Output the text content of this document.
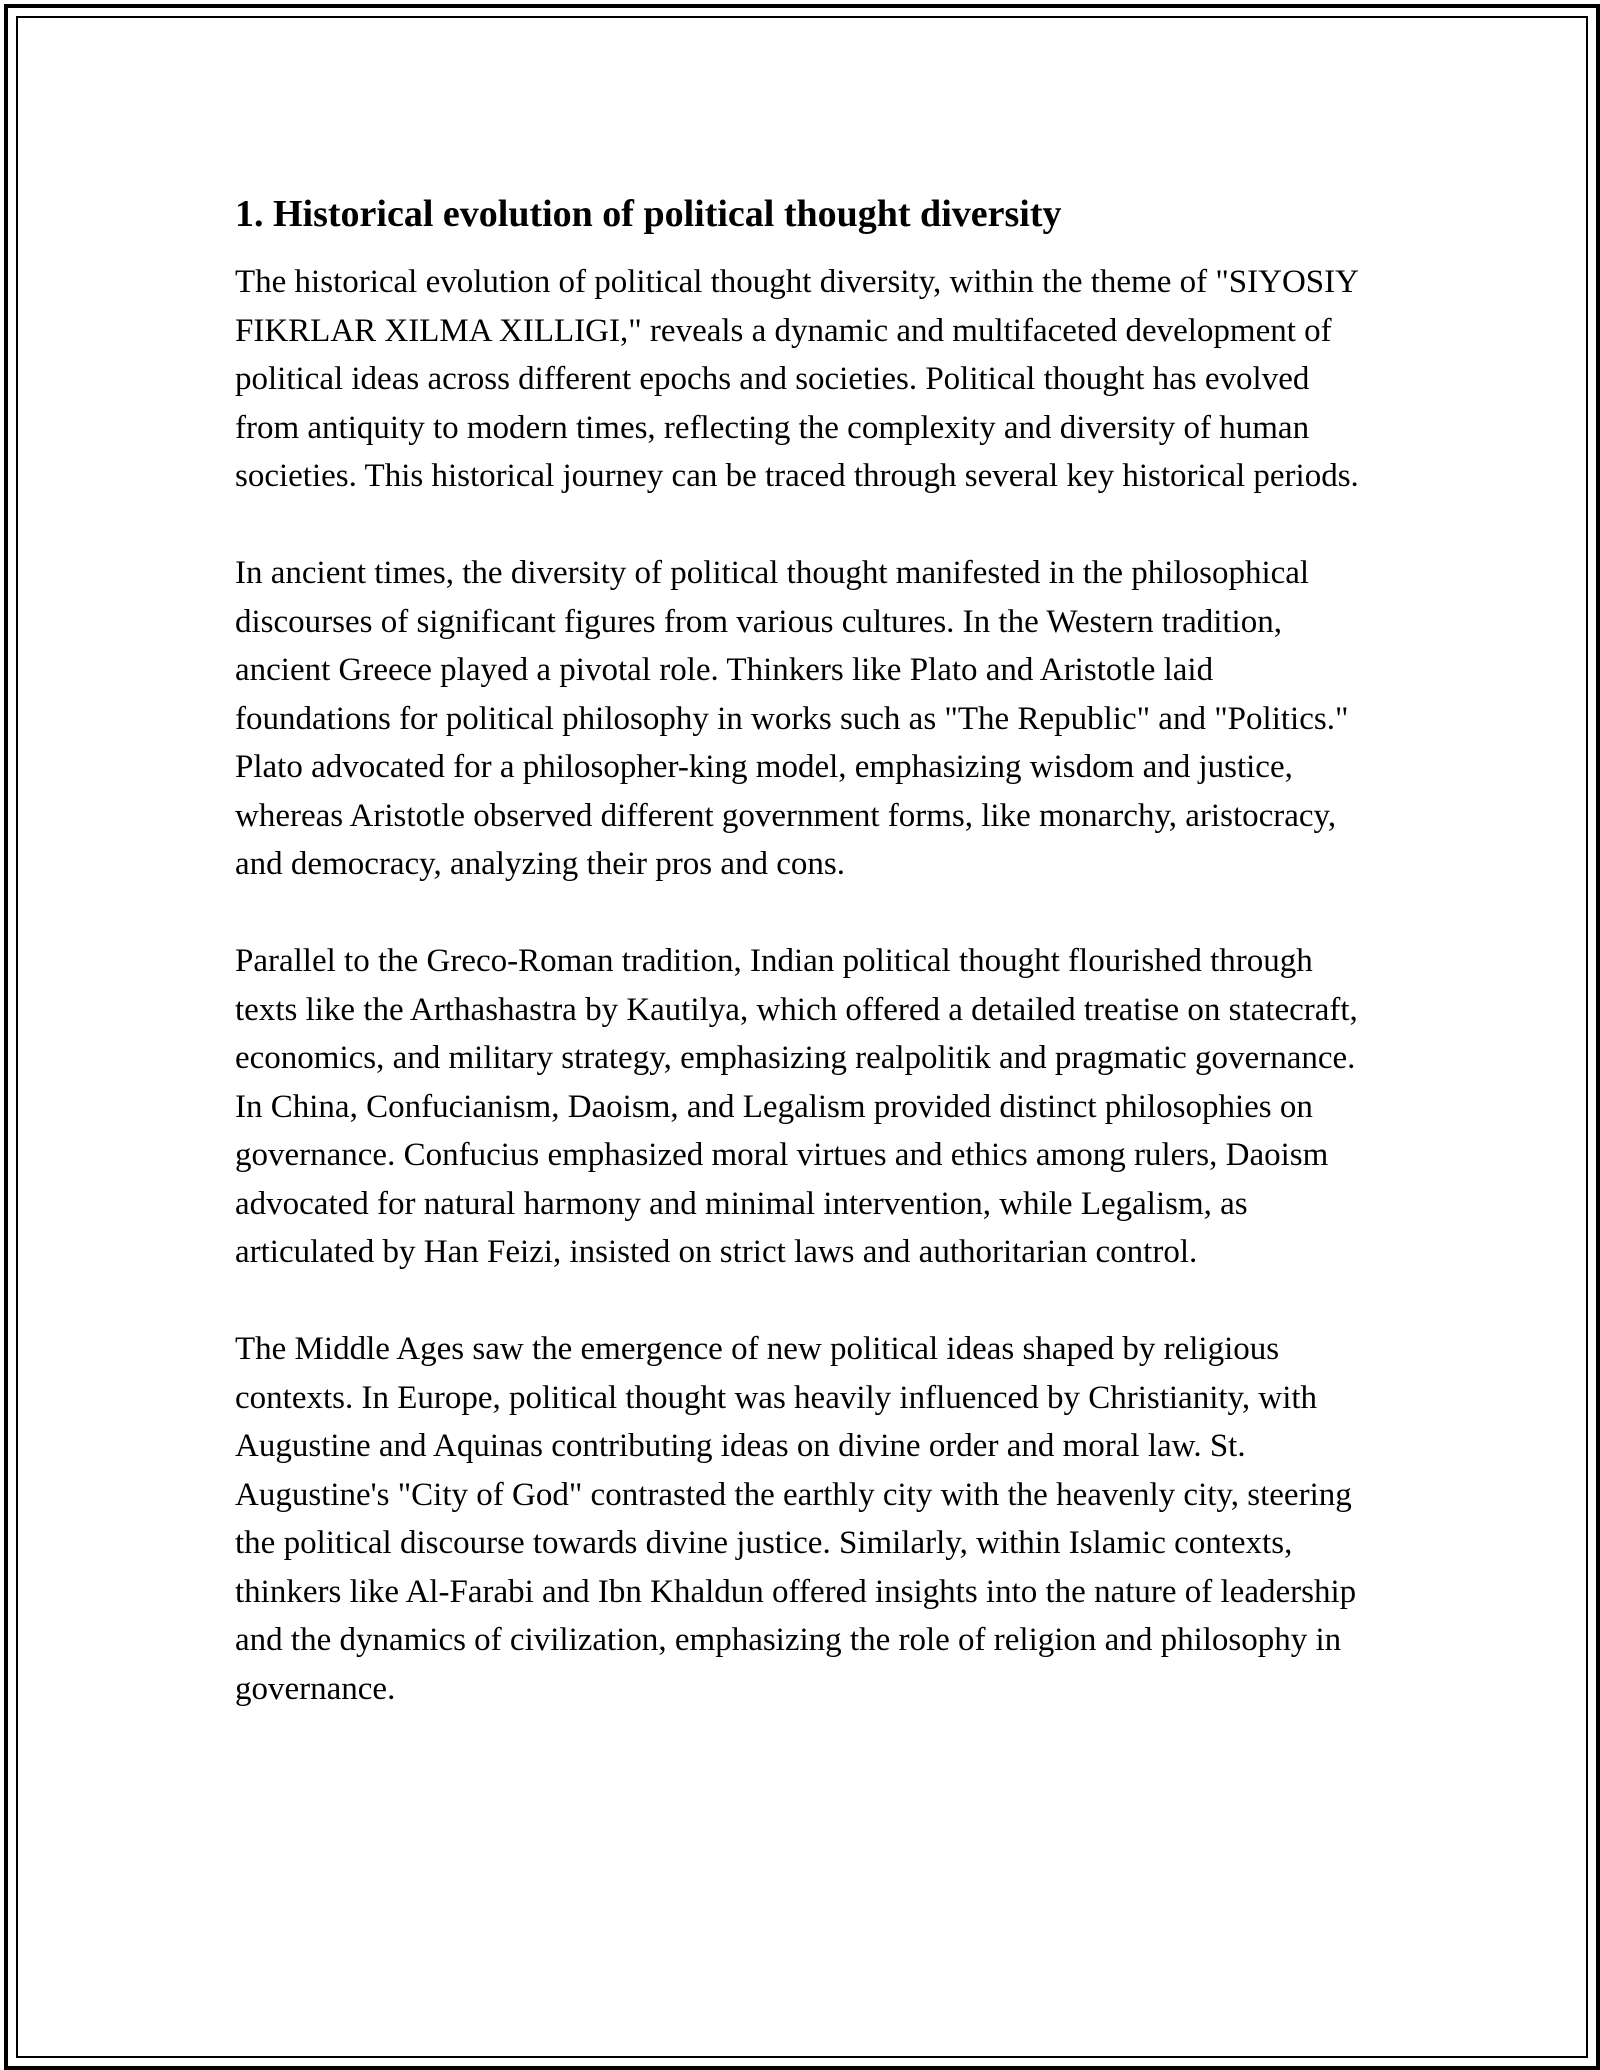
1. Historical evolution of political thought diversity

The historical evolution of political thought diversity, within the theme of "SIYOSIY FIKRLAR XILMA XILLIGI," reveals a dynamic and multifaceted development of political ideas across different epochs and societies. Political thought has evolved from antiquity to modern times, reflecting the complexity and diversity of human societies. This historical journey can be traced through several key historical periods.

In ancient times, the diversity of political thought manifested in the philosophical discourses of significant figures from various cultures. In the Western tradition, ancient Greece played a pivotal role. Thinkers like Plato and Aristotle laid foundations for political philosophy in works such as "The Republic" and "Politics." Plato advocated for a philosopher-king model, emphasizing wisdom and justice, whereas Aristotle observed different government forms, like monarchy, aristocracy, and democracy, analyzing their pros and cons.

Parallel to the Greco-Roman tradition, Indian political thought flourished through texts like the Arthashastra by Kautilya, which offered a detailed treatise on statecraft, economics, and military strategy, emphasizing realpolitik and pragmatic governance. In China, Confucianism, Daoism, and Legalism provided distinct philosophies on governance. Confucius emphasized moral virtues and ethics among rulers, Daoism advocated for natural harmony and minimal intervention, while Legalism, as articulated by Han Feizi, insisted on strict laws and authoritarian control.

The Middle Ages saw the emergence of new political ideas shaped by religious contexts. In Europe, political thought was heavily influenced by Christianity, with Augustine and Aquinas contributing ideas on divine order and moral law. St. Augustine's "City of God" contrasted the earthly city with the heavenly city, steering the political discourse towards divine justice. Similarly, within Islamic contexts, thinkers like Al-Farabi and Ibn Khaldun offered insights into the nature of leadership and the dynamics of civilization, emphasizing the role of religion and philosophy in governance.
